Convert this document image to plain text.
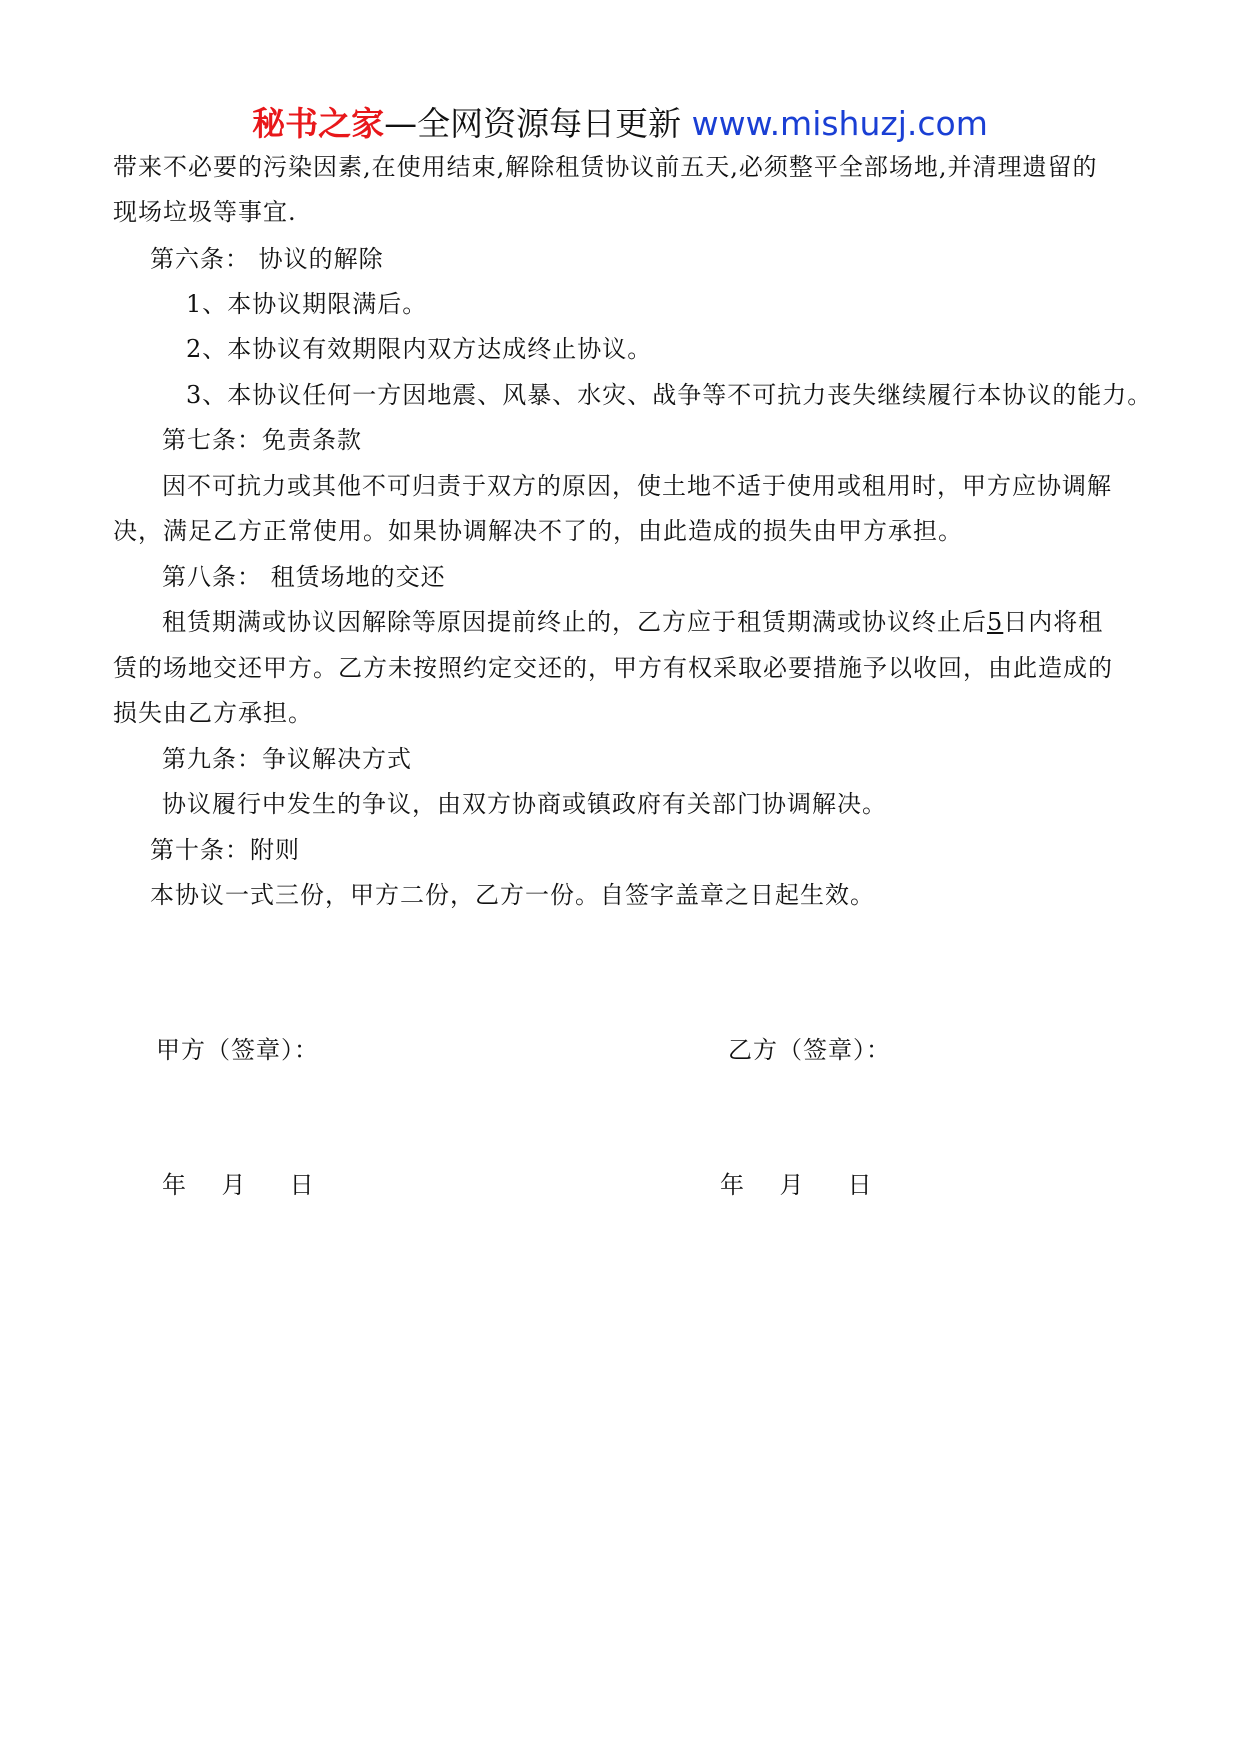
秘书之家—全网资源每日更新 www.mishuzj.com
带来不必要的污染因素,在使用结束,解除租赁协议前五天,必须整平全部场地,并清理遗留的
现场垃圾等事宜.
第六条： 协议的解除
1、本协议期限满后。
2、本协议有效期限内双方达成终止协议。
3、本协议任何一方因地震、风暴、水灾、战争等不可抗力丧失继续履行本协议的能力。
第七条：免责条款
因不可抗力或其他不可归责于双方的原因，使土地不适于使用或租用时，甲方应协调解
决，满足乙方正常使用。如果协调解决不了的，由此造成的损失由甲方承担。
第八条： 租赁场地的交还
租赁期满或协议因解除等原因提前终止的，乙方应于租赁期满或协议终止后5日内将租
赁的场地交还甲方。乙方未按照约定交还的，甲方有权采取必要措施予以收回，由此造成的
损失由乙方承担。
第九条：争议解决方式
协议履行中发生的争议，由双方协商或镇政府有关部门协调解决。
第十条：附则
本协议一式三份，甲方二份，乙方一份。自签字盖章之日起生效。
甲方（签章）：	乙方（签章）：
年    月     日	年    月     日
